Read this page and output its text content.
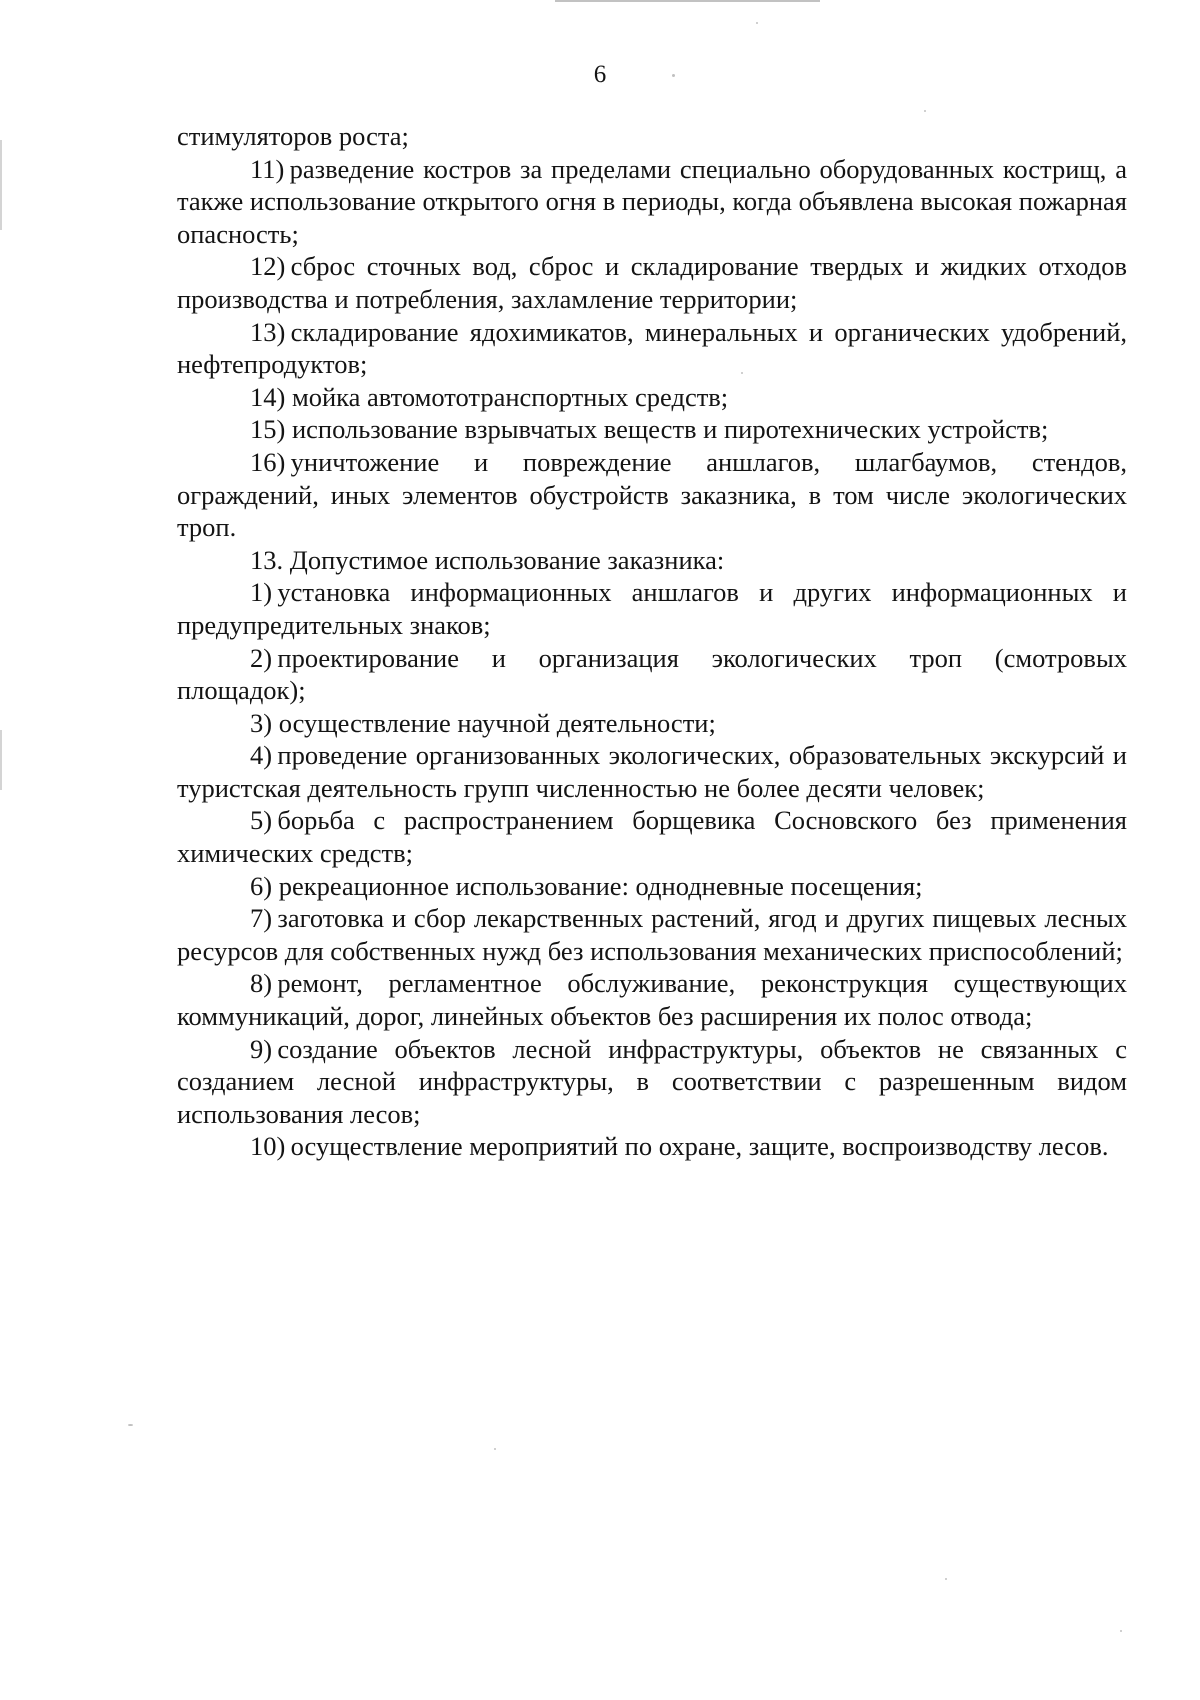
6

стимуляторов роста;

11)  разведение костров за пределами специально оборудованных кострищ, а также использование открытого огня в периоды, когда объявлена высокая пожарная опасность;

12)  сброс сточных вод, сброс и складирование твердых и жидких отходов производства и потребления, захламление территории;

13)  складирование ядохимикатов, минеральных и органических удобрений, нефтепродуктов;

14) мойка автомототранспортных средств;

15) использование взрывчатых веществ и пиротехнических устройств;

16)  уничтожение и повреждение аншлагов, шлагбаумов, стендов, ограждений, иных элементов обустройств заказника, в том числе экологических троп.

13. Допустимое использование заказника:

1)  установка информационных аншлагов и других информационных и предупредительных знаков;

2)  проектирование и организация экологических троп (смотровых площадок);

3) осуществление научной деятельности;

4)  проведение организованных экологических, образовательных экскурсий и туристская деятельность групп численностью не более десяти человек;

5)  борьба с распространением борщевика Сосновского без применения химических средств;

6) рекреационное использование: однодневные посещения;

7)  заготовка и сбор лекарственных растений, ягод и других пищевых лесных ресурсов для собственных нужд без использования механических приспособлений;

8)  ремонт, регламентное обслуживание, реконструкция существующих коммуникаций, дорог, линейных объектов без расширения их полос отвода;

9)  создание объектов лесной инфраструктуры, объектов не связанных с созданием лесной инфраструктуры, в соответствии с разрешенным видом использования лесов;

10)  осуществление мероприятий по охране, защите, воспроизводству лесов.
